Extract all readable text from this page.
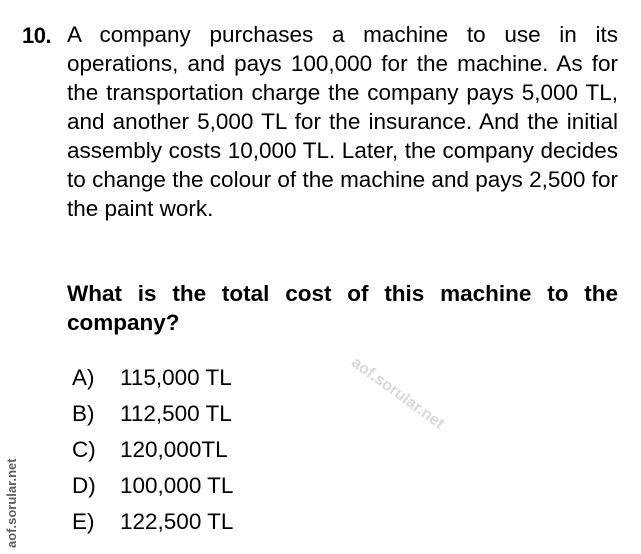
10. A company purchases a machine to use in its operations, and pays 100,000 for the machine. As for the transportation charge the company pays 5,000 TL, and another 5,000 TL for the insurance. And the initial assembly costs 10,000 TL. Later, the company decides to change the colour of the machine and pays 2,500 for the paint work.

What is the total cost of this machine to the company?

A) 115,000 TL
B) 112,500 TL
C) 120,000TL
D) 100,000 TL
E) 122,500 TL
aof.sorular.net
aof.sorular.net
